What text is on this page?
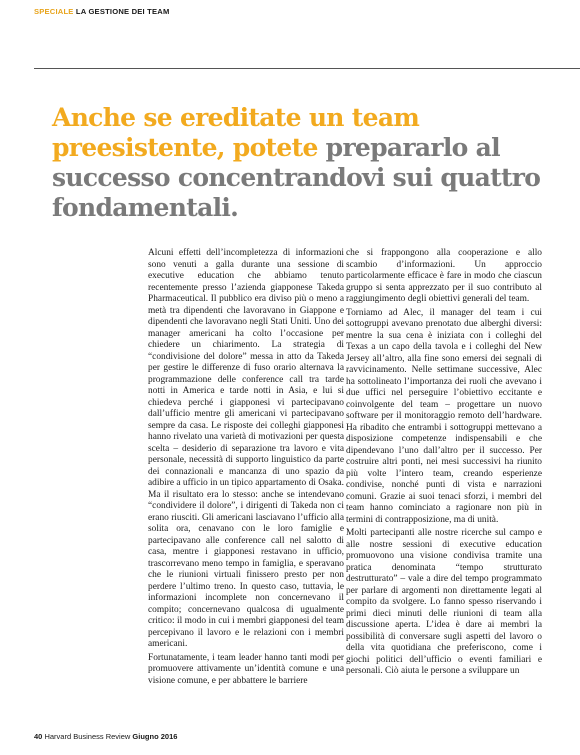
SPECIALE LA GESTIONE DEI TEAM
Anche se ereditate un team preesistente, potete prepararlo al successo concentrandovi sui quattro fondamentali.

Alcuni effetti dell’incompletezza di informazioni sono venuti a galla durante una sessione di executive education che abbiamo tenuto recentemente presso l’azienda giapponese Takeda Pharmaceutical. Il pubblico era diviso più o meno a metà tra dipendenti che lavoravano in Giappone e dipendenti che lavoravano negli Stati Uniti. Uno dei manager americani ha colto l’occasione per chiedere un chiarimento. La strategia di “condivisione del dolore” messa in atto da Takeda per gestire le differenze di fuso orario alternava la programmazione delle conference call tra tarde notti in America e tarde notti in Asia, e lui si chiedeva perché i giapponesi vi partecipavano dall’ufficio mentre gli americani vi partecipavano sempre da casa. Le risposte dei colleghi giapponesi hanno rivelato una varietà di motivazioni per questa scelta – desiderio di separazione tra lavoro e vita personale, necessità di supporto linguistico da parte dei connazionali e mancanza di uno spazio da adibire a ufficio in un tipico appartamento di Osaka. Ma il risultato era lo stesso: anche se intendevano “condividere il dolore”, i dirigenti di Takeda non ci erano riusciti. Gli americani lasciavano l’ufficio alla solita ora, cenavano con le loro famiglie e partecipavano alle conference call nel salotto di casa, mentre i giapponesi restavano in ufficio, trascorrevano meno tempo in famiglia, e speravano che le riunioni virtuali finissero presto per non perdere l’ultimo treno. In questo caso, tuttavia, le informazioni incomplete non concernevano il compito; concernevano qualcosa di ugualmente critico: il modo in cui i membri giapponesi del team percepivano il lavoro e le relazioni con i membri americani.

Fortunatamente, i team leader hanno tanti modi per promuovere attivamente un’identità comune e una visione comune, e per abbattere le barriere

che si frappongono alla cooperazione e allo scambio d’informazioni. Un approccio particolarmente efficace è fare in modo che ciascun gruppo si senta apprezzato per il suo contributo al raggiungimento degli obiettivi generali del team.

Torniamo ad Alec, il manager del team i cui sottogruppi avevano prenotato due alberghi diversi: mentre la sua cena è iniziata con i colleghi del Texas a un capo della tavola e i colleghi del New Jersey all’altro, alla fine sono emersi dei segnali di ravvicinamento. Nelle settimane successive, Alec ha sottolineato l’importanza dei ruoli che avevano i due uffici nel perseguire l’obiettivo eccitante e coinvolgente del team – progettare un nuovo software per il monitoraggio remoto dell’hardware. Ha ribadito che entrambi i sottogruppi mettevano a disposizione competenze indispensabili e che dipendevano l’uno dall’altro per il successo. Per costruire altri ponti, nei mesi successivi ha riunito più volte l’intero team, creando esperienze condivise, nonché punti di vista e narrazioni comuni. Grazie ai suoi tenaci sforzi, i membri del team hanno cominciato a ragionare non più in termini di contrapposizione, ma di unità.

Molti partecipanti alle nostre ricerche sul campo e alle nostre sessioni di executive education promuovono una visione condivisa tramite una pratica denominata “tempo strutturato destrutturato” – vale a dire del tempo programmato per parlare di argomenti non direttamente legati al compito da svolgere. Lo fanno spesso riservando i primi dieci minuti delle riunioni di team alla discussione aperta. L’idea è dare ai membri la possibilità di conversare sugli aspetti del lavoro o della vita quotidiana che preferiscono, come i giochi politici dell’ufficio o eventi familiari e personali. Ciò aiuta le persone a sviluppare un

40 Harvard Business Review Giugno 2016
